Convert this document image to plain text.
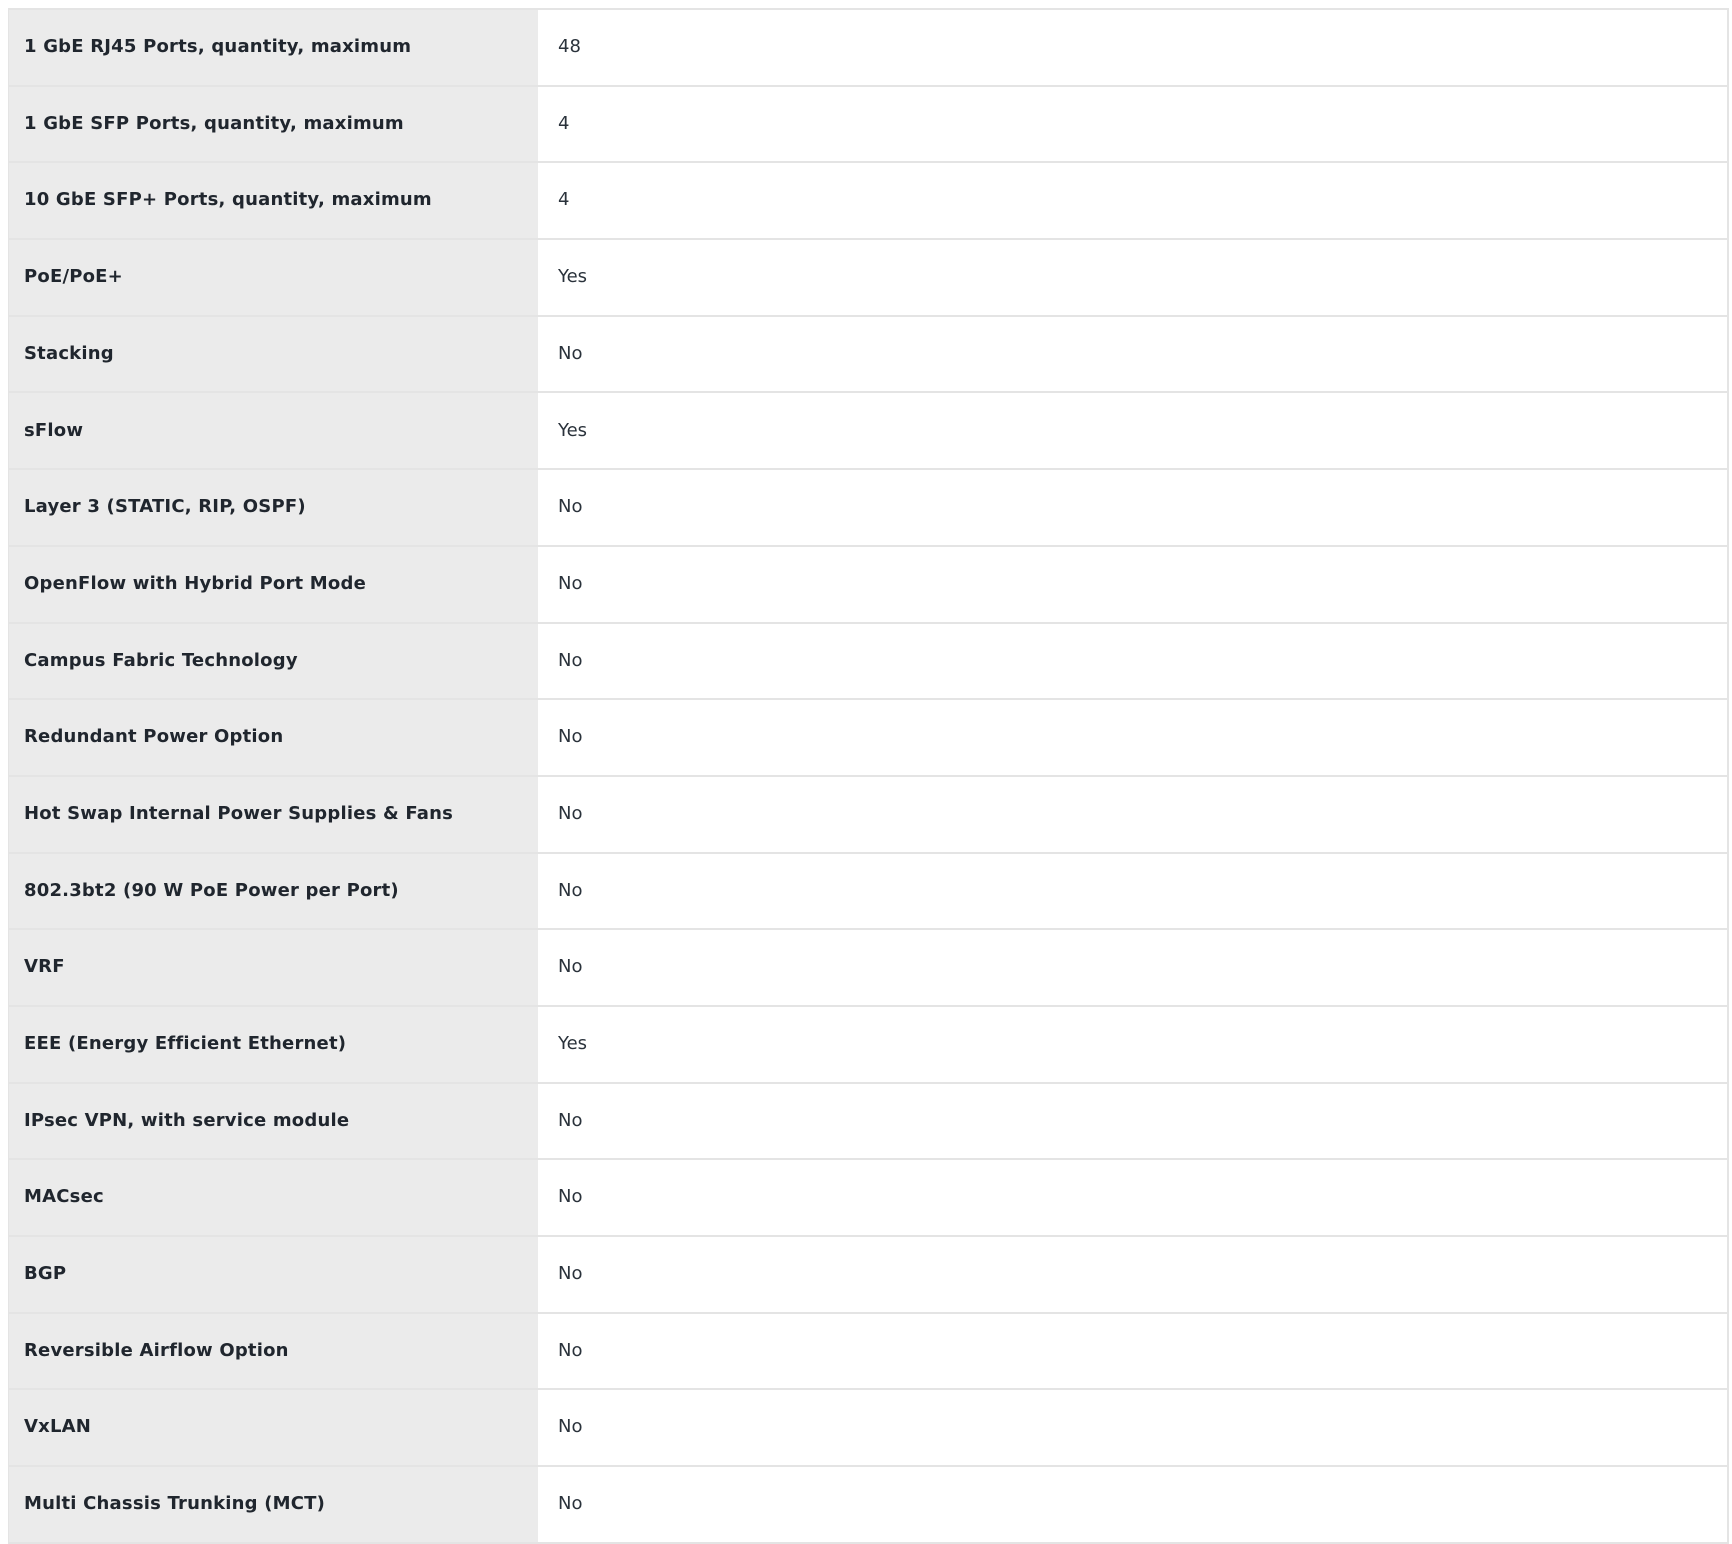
1 GbE RJ45 Ports, quantity, maximum	48
1 GbE SFP Ports, quantity, maximum	4
10 GbE SFP+ Ports, quantity, maximum	4
PoE/PoE+	Yes
Stacking	No
sFlow	Yes
Layer 3 (STATIC, RIP, OSPF)	No
OpenFlow with Hybrid Port Mode	No
Campus Fabric Technology	No
Redundant Power Option	No
Hot Swap Internal Power Supplies & Fans	No
802.3bt2 (90 W PoE Power per Port)	No
VRF	No
EEE (Energy Efficient Ethernet)	Yes
IPsec VPN, with service module	No
MACsec	No
BGP	No
Reversible Airflow Option	No
VxLAN	No
Multi Chassis Trunking (MCT)	No
